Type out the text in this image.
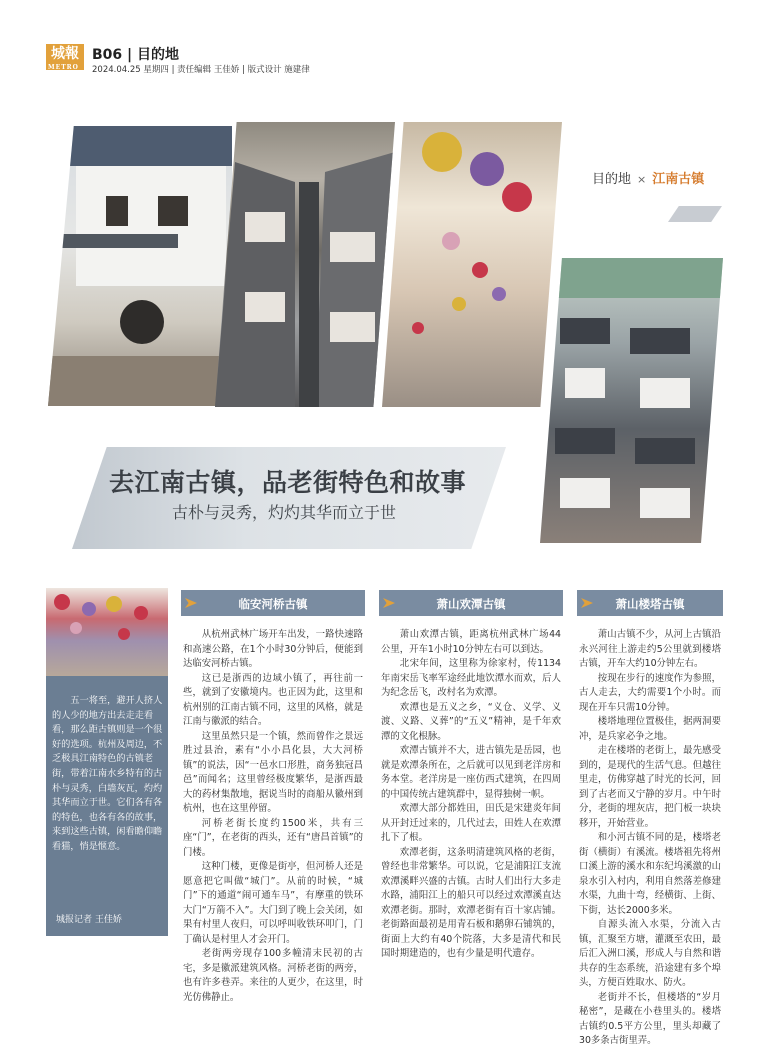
城報
METRO
B06 | 目的地
2024.04.25 星期四 | 责任编辑 王佳娇 | 版式设计 施建律
目的地 × 江南古镇
去江南古镇，品老街特色和故事
古朴与灵秀，灼灼其华而立于世
五一将至，避开人挤人的人少的地方出去走走看看，那么距古镇则是一个很好的选项。杭州及周边，不乏极具江南特色的古镇老街，带着江南水乡特有的古朴与灵秀，白墙灰瓦，灼灼其华而立于世。它们各有各的特色，也各有各的故事，来到这些古镇，闲看瞻仰瞻看猫，悄是惬意。
城报记者 王佳娇
临安河桥古镇

从杭州武林广场开车出发，一路快速路和高速公路，在1个小时30分钟后，便能到达临安河桥古镇。

这已是浙西的边域小镇了，再往前一些，就到了安徽境内。也正因为此，这里和杭州别的江南古镇不同，这里的风格，就是江南与徽派的结合。

这里虽然只是一个镇，然而曾作之景远胜过县治，素有“小小昌化县，大大河桥镇”的说法，因“一邑水口形胜，商务独冠昌邑”而闻名；这里曾经极度繁华，是浙西最大的药材集散地，据说当时的商船从徽州到杭州，也在这里停留。

河桥老街长度约1500米，共有三座“门”，在老街的西头，还有“唐昌首镇”的门楼。

这种门楼，更像是街亭，但河桥人还是愿意把它叫做“城门”。从前的时候，“城门”下的通道“闹可通车马”，有摩重的铁环大门“万箭不入”。大门到了晚上会关闭，如果有村里人夜归，可以呼叫收铁环叩门，门丁确认是村里人才会开门。

老街两旁现存100多幢清末民初的古宅，多是徽派建筑风格。河桥老街的两旁，也有许多巷弄。来往的人更少，在这里，时光仿佛静止。

萧山欢潭古镇

萧山欢潭古镇，距离杭州武林广场44公里，开车1小时10分钟左右可以到达。

北宋年间，这里称为徐家村，传1134年南宋岳飞率军途经此地饮潭水而欢，后人为纪念岳飞，改村名为欢潭。

欢潭也是五义之乡，“义仓、义学、义渡、义路、义葬”的“五义”精神，是千年欢潭的文化根脉。

欢潭古镇并不大，进古镇先是岳园，也就是欢潭条所在，之后就可以见到老洋房和务本堂。老洋房是一座仿西式建筑，在四周的中国传统古建筑群中，显得独树一帜。

欢潭大部分都姓田，田氏是宋建炎年间从开封迁过来的，几代过去，田姓人在欢潭扎下了根。

欢潭老街，这条明清建筑风格的老街，曾经也非常繁华。可以说，它是浦阳江支流欢潭溪畔兴盛的古镇。古时人们出行大多走水路，浦阳江上的船只可以经过欢潭溪直达欢潭老街。那时，欢潭老街有百十家店铺。老街路面最初是用青石板和鹅卵石铺筑的，街面上大约有40个院落，大多是清代和民国时期建造的，也有少量是明代遗存。

萧山楼塔古镇

萧山古镇不少，从河上古镇沿永兴河往上游走约5公里就到楼塔古镇，开车大约10分钟左右。

按现在步行的速度作为参照，古人走去，大约需要1个小时。而现在开车只需10分钟。

楼塔地理位置极佳，据两洞要冲，是兵家必争之地。

走在楼塔的老街上，最先感受到的，是现代的生活气息。但越往里走，仿佛穿越了时光的长河，回到了古老而又宁静的岁月。中午时分，老街的埋灰店，把门板一块块移开，开始营业。

和小河古镇不同的是，楼塔老街（横街）有溪流。楼塔祖先将州口溪上游的溪水和东纪坞溪激的山泉水引入村内，利用自然落差修建水渠，九曲十弯，经横街、上街、下街，达长2000多米。

自源头流入水渠，分流入古镇，汇聚至方塘，灌溉至农田，最后汇入洲口溪，形成人与自然和谐共存的生态系统，沿途建有多个埠头，方便百姓取水、防火。

老街并不长，但楼塔的“岁月秘密”，是藏在小巷里头的。楼塔古镇约0.5平方公里，里头却藏了30多条古街里弄。
